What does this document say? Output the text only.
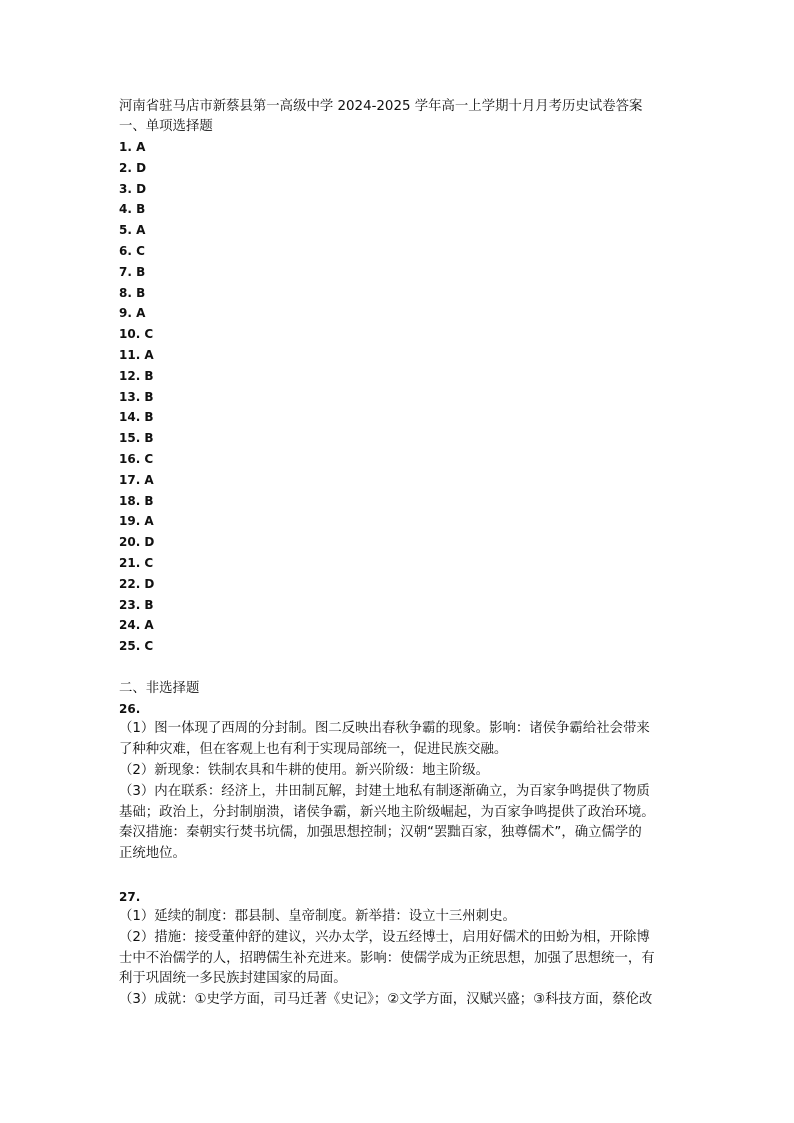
河南省驻马店市新蔡县第一高级中学 2024-2025 学年高一上学期十月月考历史试卷答案
一、单项选择题
1. A
2. D
3. D
4. B
5. A
6. C
7. B
8. B
9. A
10. C
11. A
12. B
13. B
14. B
15. B
16. C
17. A
18. B
19. A
20. D
21. C
22. D
23. B
24. A
25. C
二、非选择题
26.
（1）图一体现了西周的分封制。图二反映出春秋争霸的现象。影响：诸侯争霸给社会带来
了种种灾难，但在客观上也有利于实现局部统一，促进民族交融。
（2）新现象：铁制农具和牛耕的使用。新兴阶级：地主阶级。
（3）内在联系：经济上，井田制瓦解，封建土地私有制逐渐确立，为百家争鸣提供了物质
基础；政治上，分封制崩溃，诸侯争霸，新兴地主阶级崛起，为百家争鸣提供了政治环境。
秦汉措施：秦朝实行焚书坑儒，加强思想控制；汉朝“罢黜百家，独尊儒术”，确立儒学的
正统地位。
27.
（1）延续的制度：郡县制、皇帝制度。新举措：设立十三州刺史。
（2）措施：接受董仲舒的建议，兴办太学，设五经博士，启用好儒术的田蚡为相，开除博
士中不治儒学的人，招聘儒生补充进来。影响：使儒学成为正统思想，加强了思想统一，有
利于巩固统一多民族封建国家的局面。
（3）成就：①史学方面，司马迁著《史记》；②文学方面，汉赋兴盛；③科技方面，蔡伦改
